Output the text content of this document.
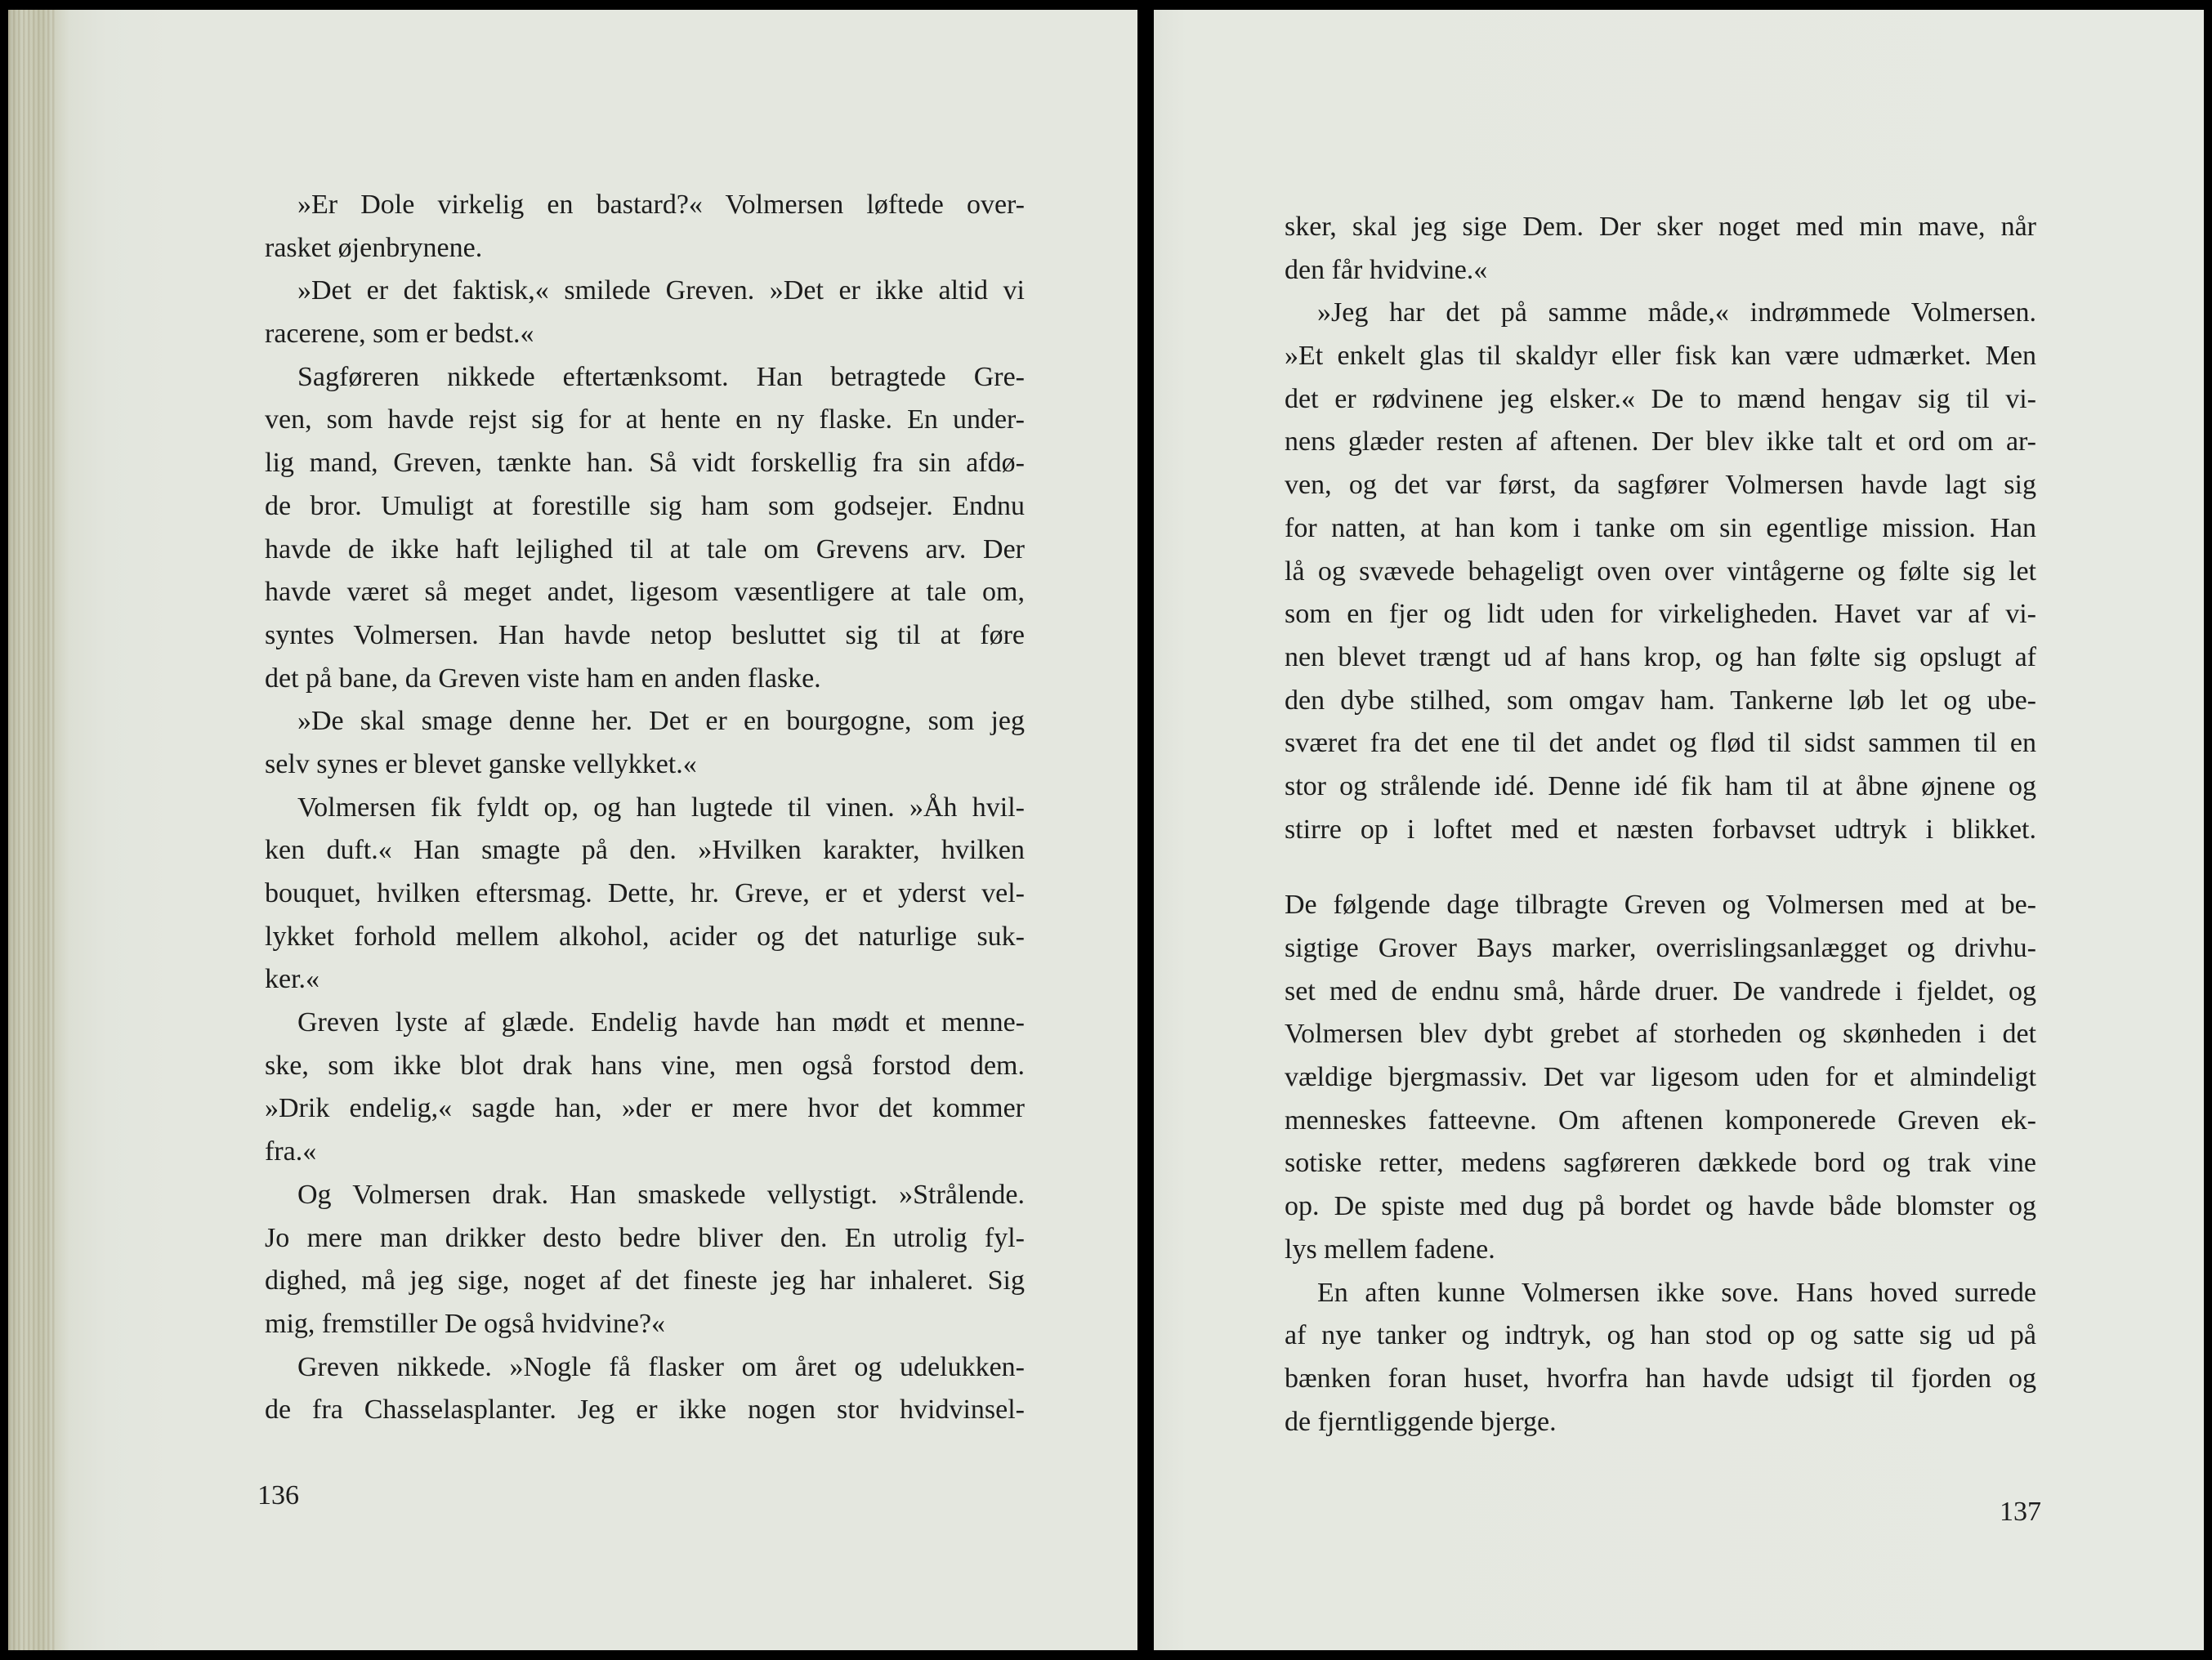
»Er Dole virkelig en bastard?« Volmersen løftede over-
rasket øjenbrynene.
»Det er det faktisk,« smilede Greven. »Det er ikke altid vi
racerene, som er bedst.«
Sagføreren nikkede eftertænksomt. Han betragtede Gre-
ven, som havde rejst sig for at hente en ny flaske. En under-
lig mand, Greven, tænkte han. Så vidt forskellig fra sin afdø-
de bror. Umuligt at forestille sig ham som godsejer. Endnu
havde de ikke haft lejlighed til at tale om Grevens arv. Der
havde været så meget andet, ligesom væsentligere at tale om,
syntes Volmersen. Han havde netop besluttet sig til at føre
det på bane, da Greven viste ham en anden flaske.
»De skal smage denne her. Det er en bourgogne, som jeg
selv synes er blevet ganske vellykket.«
Volmersen fik fyldt op, og han lugtede til vinen. »Åh hvil-
ken duft.« Han smagte på den. »Hvilken karakter, hvilken
bouquet, hvilken eftersmag. Dette, hr. Greve, er et yderst vel-
lykket forhold mellem alkohol, acider og det naturlige suk-
ker.«
Greven lyste af glæde. Endelig havde han mødt et menne-
ske, som ikke blot drak hans vine, men også forstod dem.
»Drik endelig,« sagde han, »der er mere hvor det kommer
fra.«
Og Volmersen drak. Han smaskede vellystigt. »Strålende.
Jo mere man drikker desto bedre bliver den. En utrolig fyl-
dighed, må jeg sige, noget af det fineste jeg har inhaleret. Sig
mig, fremstiller De også hvidvine?«
Greven nikkede. »Nogle få flasker om året og udelukken-
de fra Chasselasplanter. Jeg er ikke nogen stor hvidvinsel-
136
sker, skal jeg sige Dem. Der sker noget med min mave, når
den får hvidvine.«
»Jeg har det på samme måde,« indrømmede Volmersen.
»Et enkelt glas til skaldyr eller fisk kan være udmærket. Men
det er rødvinene jeg elsker.« De to mænd hengav sig til vi-
nens glæder resten af aftenen. Der blev ikke talt et ord om ar-
ven, og det var først, da sagfører Volmersen havde lagt sig
for natten, at han kom i tanke om sin egentlige mission. Han
lå og svævede behageligt oven over vintågerne og følte sig let
som en fjer og lidt uden for virkeligheden. Havet var af vi-
nen blevet trængt ud af hans krop, og han følte sig opslugt af
den dybe stilhed, som omgav ham. Tankerne løb let og ube-
sværet fra det ene til det andet og flød til sidst sammen til en
stor og strålende idé. Denne idé fik ham til at åbne øjnene og
stirre op i loftet med et næsten forbavset udtryk i blikket.
De følgende dage tilbragte Greven og Volmersen med at be-
sigtige Grover Bays marker, overrislingsanlægget og drivhu-
set med de endnu små, hårde druer. De vandrede i fjeldet, og
Volmersen blev dybt grebet af storheden og skønheden i det
vældige bjergmassiv. Det var ligesom uden for et almindeligt
menneskes fatteevne. Om aftenen komponerede Greven ek-
sotiske retter, medens sagføreren dækkede bord og trak vine
op. De spiste med dug på bordet og havde både blomster og
lys mellem fadene.
En aften kunne Volmersen ikke sove. Hans hoved surrede
af nye tanker og indtryk, og han stod op og satte sig ud på
bænken foran huset, hvorfra han havde udsigt til fjorden og
de fjerntliggende bjerge.
137
